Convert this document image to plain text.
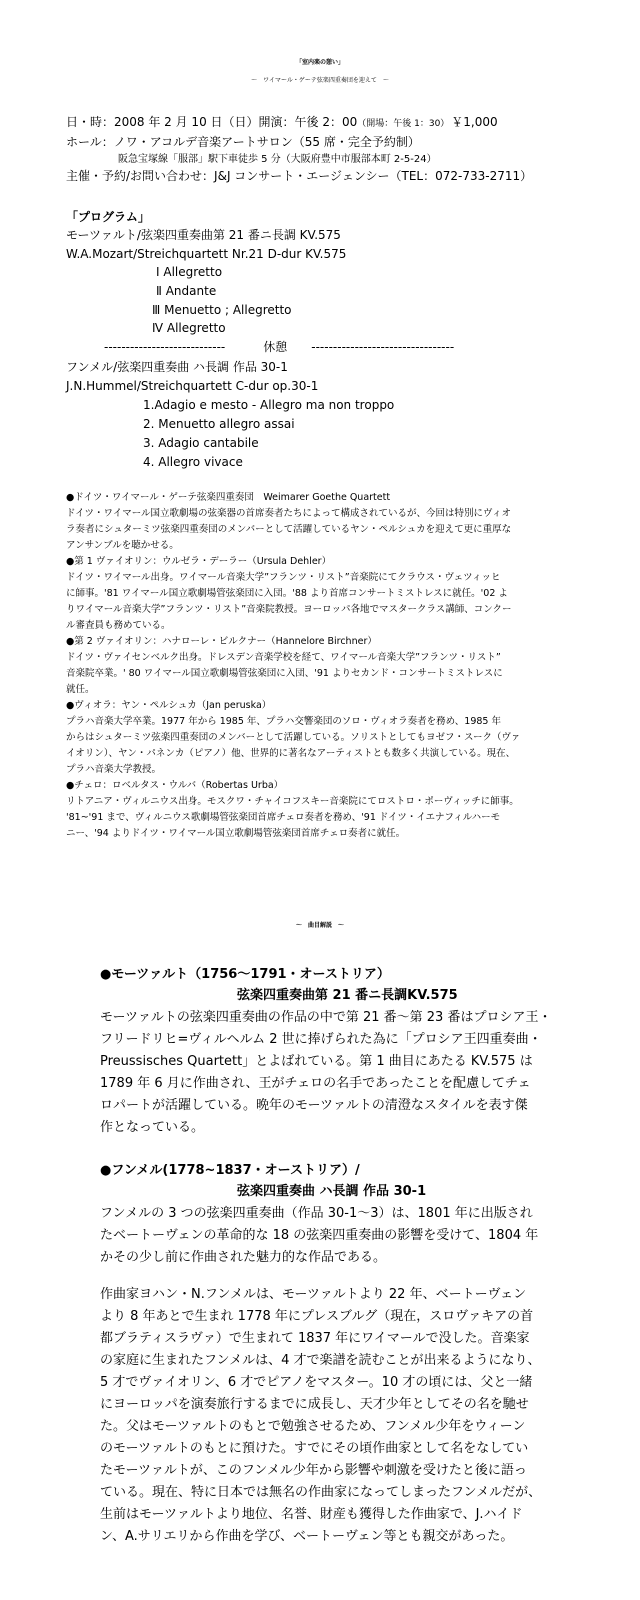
「室内楽の憩い」
～　ワイマール・ゲーテ弦楽四重奏団を迎えて　～
日・時：2008 年 2 月 10 日（日）開演：午後 2：00（開場：午後 1：30） ￥1,000
ホール：ノワ・アコルデ音楽アートサロン（55 席・完全予約制）
阪急宝塚線「服部」駅下車徒歩 5 分（大阪府豊中市服部本町 2-5-24）
主催・予約/お問い合わせ：J&J コンサート・エージェンシー（TEL：072-733-2711）
「プログラム」
モーツァルト/弦楽四重奏曲第 21 番ニ長調 KV.575
W.A.Mozart/Streichquartett Nr.21 D-dur KV.575
Ⅰ Allegretto
Ⅱ Andante
Ⅲ Menuetto ; Allegretto
Ⅳ Allegretto
----------------------------	休憩 ---------------------------------
フンメル/弦楽四重奏曲 ハ長調 作品 30-1
J.N.Hummel/Streichquartett C-dur op.30-1
1.Adagio e mesto - Allegro ma non troppo
2. Menuetto allegro assai
3. Adagio cantabile
4. Allegro vivace
●ドイツ・ワイマール・ゲーテ弦楽四重奏団　Weimarer Goethe Quartett
ドイツ・ワイマール国立歌劇場の弦楽器の首席奏者たちによって構成されているが、今回は特別にヴィオ
ラ奏者にシュターミツ弦楽四重奏団のメンバーとして活躍しているヤン・ペルシュカを迎えて更に重厚な
アンサンブルを聴かせる。
●第 1 ヴァイオリン：ウルゼラ・デーラー（Ursula Dehler）
ドイツ・ワイマール出身。ワイマール音楽大学”フランツ・リスト”音楽院にてクラウス・ヴェツィッヒ
に師事。'81 ワイマール国立歌劇場管弦楽団に入団。'88 より首席コンサートミストレスに就任。'02 よ
りワイマール音楽大学”フランツ・リスト”音楽院教授。ヨーロッパ各地でマスタークラス講師、コンクー
ル審査員も務めている。
●第 2 ヴァイオリン：ハナローレ・ビルクナー（Hannelore Birchner）
ドイツ・ヴァイセンベルク出身。ドレスデン音楽学校を経て、ワイマール音楽大学”フランツ・リスト”
音楽院卒業。' 80 ワイマール国立歌劇場管弦楽団に入団、'91 よりセカンド・コンサートミストレスに
就任。
●ヴィオラ：ヤン・ペルシュカ（Jan peruska）
プラハ音楽大学卒業。1977 年から 1985 年、プラハ交響楽団のソロ・ヴィオラ奏者を務め、1985 年
からはシュターミツ弦楽四重奏団のメンバーとして活躍している。ソリストとしてもヨゼフ・スーク（ヴァ
イオリン）、ヤン・パネンカ（ピアノ）他、世界的に著名なアーティストとも数多く共演している。現在、
プラハ音楽大学教授。
●チェロ：ロベルタス・ウルバ（Robertas Urba）
リトアニア・ヴィルニウス出身。モスクワ・チャイコフスキー音楽院にてロストロ・ポーヴィッチに師事。
'81~'91 まで、ヴィルニウス歌劇場管弦楽団首席チェロ奏者を務め、'91 ドイツ・イエナフィルハーモ
ニー、'94 よりドイツ・ワイマール国立歌劇場管弦楽団首席チェロ奏者に就任。
～　曲目解説　～
●モーツァルト（1756～1791・オーストリア）
弦楽四重奏曲第 21 番ニ長調KV.575
モーツァルトの弦楽四重奏曲の作品の中で第 21 番～第 23 番はプロシア王・
フリードリヒ=ヴィルヘルム 2 世に捧げられた為に「プロシア王四重奏曲・
Preussisches Quartett」とよばれている。第 1 曲目にあたる KV.575 は
1789 年 6 月に作曲され、王がチェロの名手であったことを配慮してチェ
ロパートが活躍している。晩年のモーツァルトの清澄なスタイルを表す傑
作となっている。
●フンメル(1778~1837・オーストリア）/
弦楽四重奏曲 ハ長調 作品 30-1
フンメルの 3 つの弦楽四重奏曲（作品 30-1～3）は、1801 年に出版され
たベートーヴェンの革命的な 18 の弦楽四重奏曲の影響を受けて、1804 年
かその少し前に作曲された魅力的な作品である。
作曲家ヨハン・N.フンメルは、モーツァルトより 22 年、ベートーヴェン
より 8 年あとで生まれ 1778 年にプレスブルグ（現在，スロヴァキアの首
都ブラティスラヴァ）で生まれて 1837 年にワイマールで没した。音楽家
の家庭に生まれたフンメルは、4 才で楽譜を読むことが出来るようになり、
5 才でヴァイオリン、6 才でピアノをマスター。10 才の頃には、父と一緒
にヨーロッパを演奏旅行するまでに成長し、天才少年としてその名を馳せ
た。父はモーツァルトのもとで勉強させるため、フンメル少年をウィーン
のモーツァルトのもとに預けた。すでにその頃作曲家として名をなしてい
たモーツァルトが、このフンメル少年から影響や刺激を受けたと後に語っ
ている。現在、特に日本では無名の作曲家になってしまったフンメルだが、
生前はモーツァルトより地位、名誉、財産も獲得した作曲家で、J.ハイド
ン、A.サリエリから作曲を学び、ベートーヴェン等とも親交があった。
